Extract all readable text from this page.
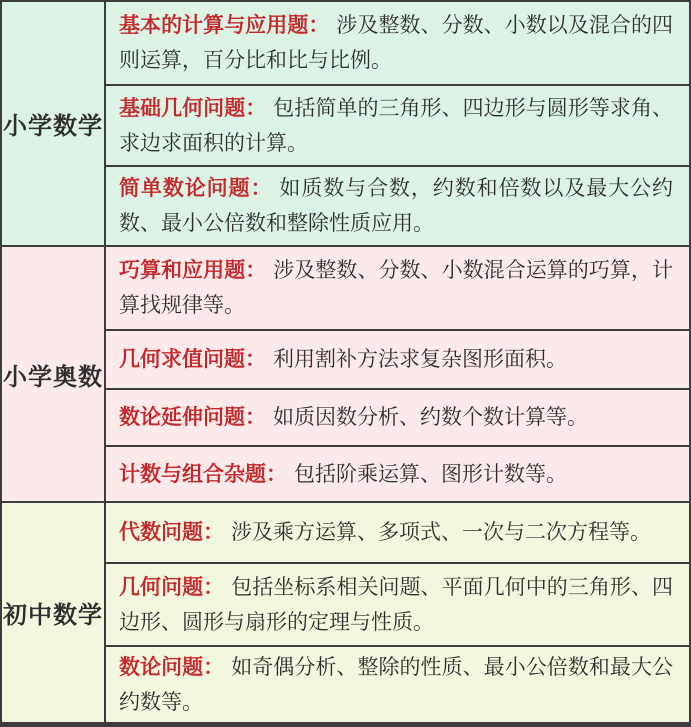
小学数学

基本的计算与应用题： 涉及整数、分数、小数以及混合的四则运算，百分比和比与比例。

基础几何问题： 包括简单的三角形、四边形与圆形等求角、求边求面积的计算。

简单数论问题： 如质数与合数，约数和倍数以及最大公约数、最小公倍数和整除性质应用。

小学奥数

巧算和应用题： 涉及整数、分数、小数混合运算的巧算，计算找规律等。

几何求值问题： 利用割补方法求复杂图形面积。

数论延伸问题： 如质因数分析、约数个数计算等。

计数与组合杂题： 包括阶乘运算、图形计数等。

初中数学

代数问题： 涉及乘方运算、多项式、一次与二次方程等。

几何问题： 包括坐标系相关问题、平面几何中的三角形、四边形、圆形与扇形的定理与性质。

数论问题： 如奇偶分析、整除的性质、最小公倍数和最大公约数等。
